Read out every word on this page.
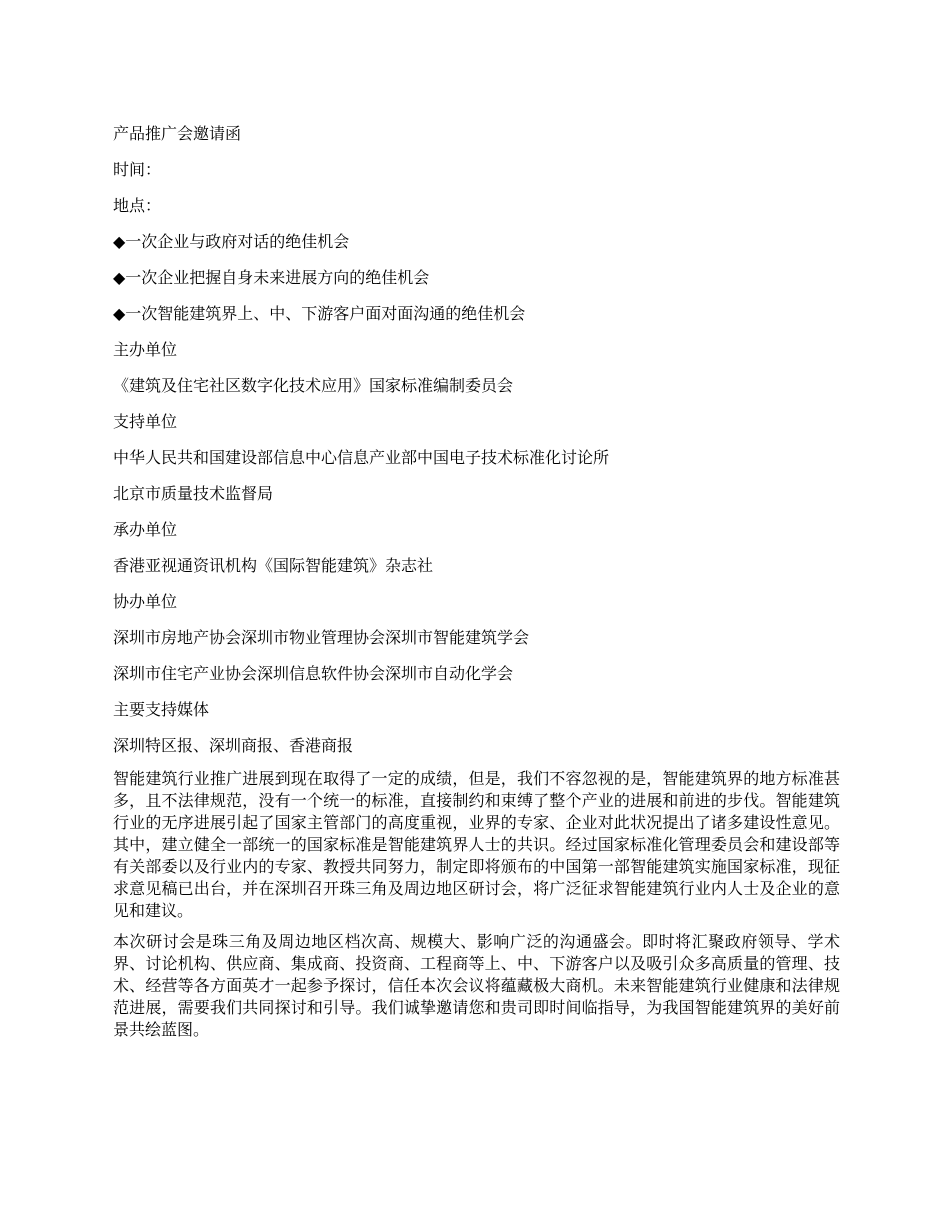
产品推广会邀请函
时间：
地点：
◆一次企业与政府对话的绝佳机会
◆一次企业把握自身未来进展方向的绝佳机会
◆一次智能建筑界上、中、下游客户面对面沟通的绝佳机会
主办单位
《建筑及住宅社区数字化技术应用》国家标准编制委员会
支持单位
中华人民共和国建设部信息中心信息产业部中国电子技术标准化讨论所
北京市质量技术监督局
承办单位
香港亚视通资讯机构《国际智能建筑》杂志社
协办单位
深圳市房地产协会深圳市物业管理协会深圳市智能建筑学会
深圳市住宅产业协会深圳信息软件协会深圳市自动化学会
主要支持媒体
深圳特区报、深圳商报、香港商报

智能建筑行业推广进展到现在取得了一定的成绩，但是，我们不容忽视的是，智能建筑界的地方标准甚多，且不法律规范，没有一个统一的标准，直接制约和束缚了整个产业的进展和前进的步伐。智能建筑行业的无序进展引起了国家主管部门的高度重视，业界的专家、企业对此状况提出了诸多建设性意见。其中，建立健全一部统一的国家标准是智能建筑界人士的共识。经过国家标准化管理委员会和建设部等有关部委以及行业内的专家、教授共同努力，制定即将颁布的中国第一部智能建筑实施国家标准，现征求意见稿已出台，并在深圳召开珠三角及周边地区研讨会，将广泛征求智能建筑行业内人士及企业的意见和建议。

本次研讨会是珠三角及周边地区档次高、规模大、影响广泛的沟通盛会。即时将汇聚政府领导、学术界、讨论机构、供应商、集成商、投资商、工程商等上、中、下游客户以及吸引众多高质量的管理、技术、经营等各方面英才一起参予探讨，信任本次会议将蕴藏极大商机。未来智能建筑行业健康和法律规范进展，需要我们共同探讨和引导。我们诚挚邀请您和贵司即时间临指导，为我国智能建筑界的美好前景共绘蓝图。
